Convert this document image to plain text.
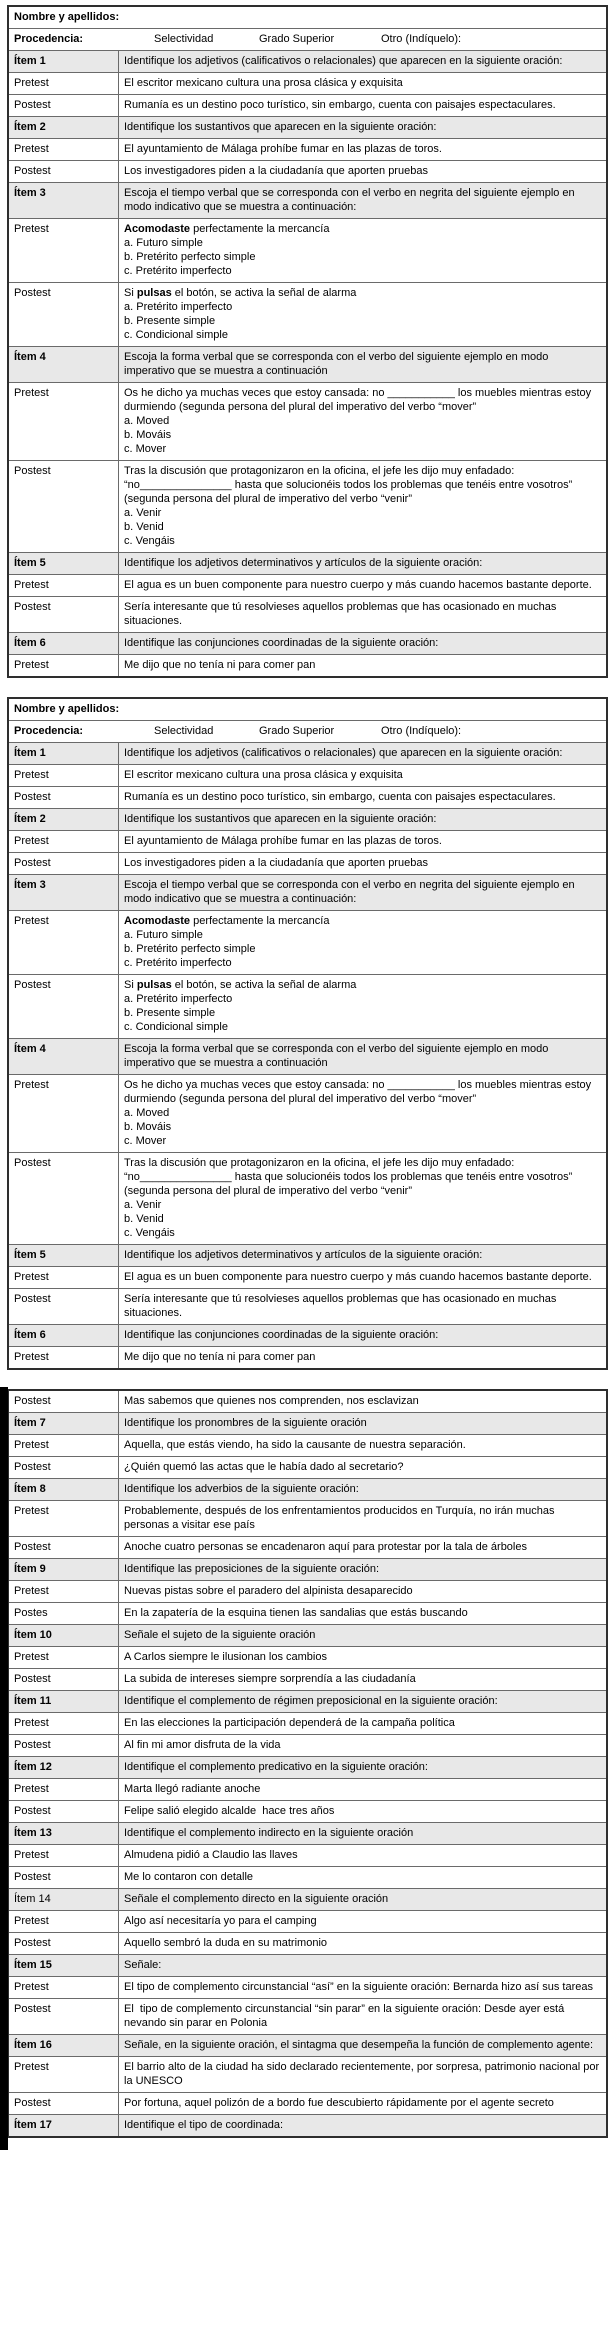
Nombre y apellidos:
Procedencia:	Selectividad	Grado Superior	Otro (Indíquelo):
Ítem 1	Identifique los adjetivos (calificativos o relacionales) que aparecen en la siguiente oración:
Pretest	El escritor mexicano cultura una prosa clásica y exquisita
Postest	Rumanía es un destino poco turístico, sin embargo, cuenta con paisajes espectaculares.
Ítem 2	Identifique los sustantivos que aparecen en la siguiente oración:
Pretest	El ayuntamiento de Málaga prohíbe fumar en las plazas de toros.
Postest	Los investigadores piden a la ciudadanía que aporten pruebas
Ítem 3	Escoja el tiempo verbal que se corresponda con el verbo en negrita del siguiente ejemplo en modo indicativo que se muestra a continuación:
Pretest	Acomodaste perfectamente la mercancía
a. Futuro simple
b. Pretérito perfecto simple
c. Pretérito imperfecto
Postest	Si pulsas el botón, se activa la señal de alarma
a. Pretérito imperfecto
b. Presente simple
c. Condicional simple
Ítem 4	Escoja la forma verbal que se corresponda con el verbo del siguiente ejemplo en modo imperativo que se muestra a continuación
Pretest	Os he dicho ya muchas veces que estoy cansada: no ___________ los muebles mientras estoy durmiendo (segunda persona del plural del imperativo del verbo “mover”
a. Moved
b. Mováis
c. Mover
Postest	Tras la discusión que protagonizaron en la oficina, el jefe les dijo muy enfadado: “no_______________ hasta que solucionéis todos los problemas que tenéis entre vosotros” (segunda persona del plural de imperativo del verbo “venir”
a. Venir
b. Venid
c. Vengáis
Ítem 5	Identifique los adjetivos determinativos y artículos de la siguiente oración:
Pretest	El agua es un buen componente para nuestro cuerpo y más cuando hacemos bastante deporte.
Postest	Sería interesante que tú resolvieses aquellos problemas que has ocasionado en muchas situaciones.
Ítem 6	Identifique las conjunciones coordinadas de la siguiente oración:
Pretest	Me dijo que no tenía ni para comer pan
Nombre y apellidos:
Procedencia:	Selectividad	Grado Superior	Otro (Indíquelo):
Ítem 1	Identifique los adjetivos (calificativos o relacionales) que aparecen en la siguiente oración:
Pretest	El escritor mexicano cultura una prosa clásica y exquisita
Postest	Rumanía es un destino poco turístico, sin embargo, cuenta con paisajes espectaculares.
Ítem 2	Identifique los sustantivos que aparecen en la siguiente oración:
Pretest	El ayuntamiento de Málaga prohíbe fumar en las plazas de toros.
Postest	Los investigadores piden a la ciudadanía que aporten pruebas
Ítem 3	Escoja el tiempo verbal que se corresponda con el verbo en negrita del siguiente ejemplo en modo indicativo que se muestra a continuación:
Pretest	Acomodaste perfectamente la mercancía
a. Futuro simple
b. Pretérito perfecto simple
c. Pretérito imperfecto
Postest	Si pulsas el botón, se activa la señal de alarma
a. Pretérito imperfecto
b. Presente simple
c. Condicional simple
Ítem 4	Escoja la forma verbal que se corresponda con el verbo del siguiente ejemplo en modo imperativo que se muestra a continuación
Pretest	Os he dicho ya muchas veces que estoy cansada: no ___________ los muebles mientras estoy durmiendo (segunda persona del plural del imperativo del verbo “mover”
a. Moved
b. Mováis
c. Mover
Postest	Tras la discusión que protagonizaron en la oficina, el jefe les dijo muy enfadado: “no_______________ hasta que solucionéis todos los problemas que tenéis entre vosotros” (segunda persona del plural de imperativo del verbo “venir”
a. Venir
b. Venid
c. Vengáis
Ítem 5	Identifique los adjetivos determinativos y artículos de la siguiente oración:
Pretest	El agua es un buen componente para nuestro cuerpo y más cuando hacemos bastante deporte.
Postest	Sería interesante que tú resolvieses aquellos problemas que has ocasionado en muchas situaciones.
Ítem 6	Identifique las conjunciones coordinadas de la siguiente oración:
Pretest	Me dijo que no tenía ni para comer pan
Postest	Mas sabemos que quienes nos comprenden, nos esclavizan
Ítem 7	Identifique los pronombres de la siguiente oración
Pretest	Aquella, que estás viendo, ha sido la causante de nuestra separación.
Postest	¿Quién quemó las actas que le había dado al secretario?
Ítem 8	Identifique los adverbios de la siguiente oración:
Pretest	Probablemente, después de los enfrentamientos producidos en Turquía, no irán muchas personas a visitar ese país
Postest	Anoche cuatro personas se encadenaron aquí para protestar por la tala de árboles
Ítem 9	Identifique las preposiciones de la siguiente oración:
Pretest	Nuevas pistas sobre el paradero del alpinista desaparecido
Postes	En la zapatería de la esquina tienen las sandalias que estás buscando
Ítem 10	Señale el sujeto de la siguiente oración
Pretest	A Carlos siempre le ilusionan los cambios
Postest	La subida de intereses siempre sorprendía a las ciudadanía
Ítem 11	Identifique el complemento de régimen preposicional en la siguiente oración:
Pretest	En las elecciones la participación dependerá de la campaña política
Postest	Al fin mi amor disfruta de la vida
Ítem 12	Identifique el complemento predicativo en la siguiente oración:
Pretest	Marta llegó radiante anoche
Postest	Felipe salió elegido alcalde  hace tres años
Ítem 13	Identifique el complemento indirecto en la siguiente oración
Pretest	Almudena pidió a Claudio las llaves
Postest	Me lo contaron con detalle
Ítem 14	Señale el complemento directo en la siguiente oración
Pretest	Algo así necesitaría yo para el camping
Postest	Aquello sembró la duda en su matrimonio
Ítem 15	Señale:
Pretest	El tipo de complemento circunstancial “así” en la siguiente oración: Bernarda hizo así sus tareas
Postest	El  tipo de complemento circunstancial “sin parar” en la siguiente oración: Desde ayer está nevando sin parar en Polonia
Ítem 16	Señale, en la siguiente oración, el sintagma que desempeña la función de complemento agente:
Pretest	El barrio alto de la ciudad ha sido declarado recientemente, por sorpresa, patrimonio nacional por la UNESCO
Postest	Por fortuna, aquel polizón de a bordo fue descubierto rápidamente por el agente secreto
Ítem 17	Identifique el tipo de coordinada:
